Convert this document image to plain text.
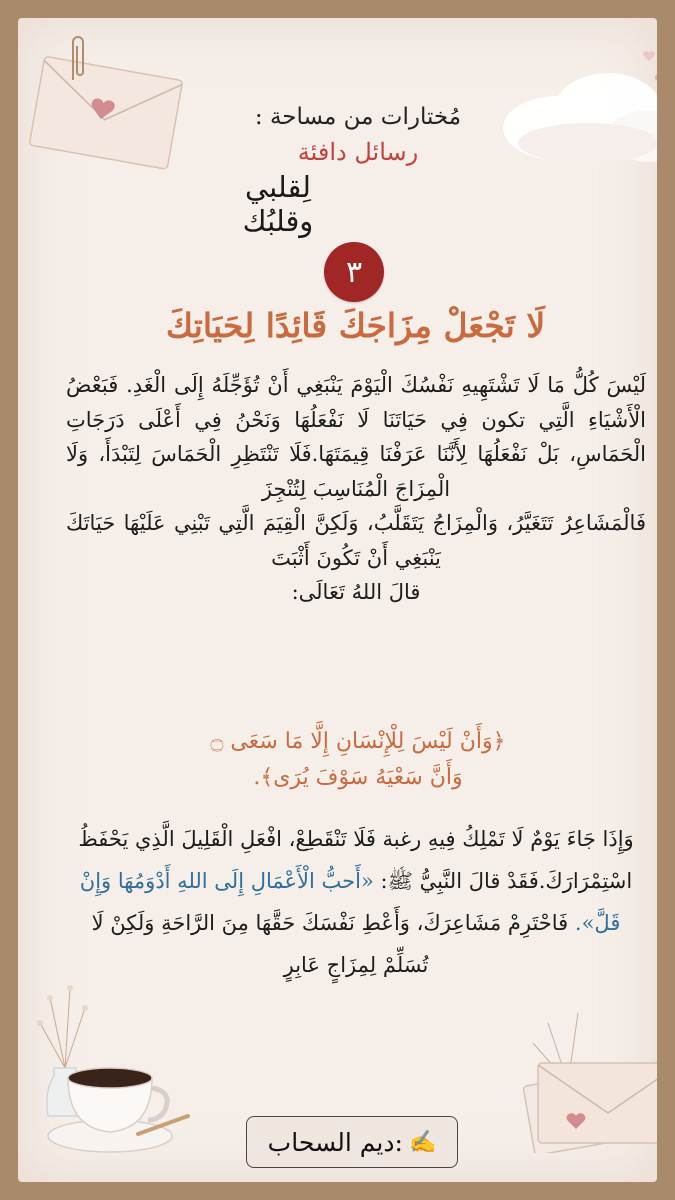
مُختارات من مساحة :
رسائل دافئة
لِقلبي وقلبُك
٣
لَا تَجْعَلْ مِزَاجَكَ قَائِدًا لِحَيَاتِكَ

لَيْسَ كُلُّ مَا لَا تَشْتَهِيهِ نَفْسُكَ الْيَوْمَ يَنْبَغِي أَنْ تُؤَجِّلَهُ إِلَى الْغَدِ. فَبَعْضُ الْأَشْيَاءِ الَّتِي تكون فِي حَيَاتَنَا لَا نَفْعَلُهَا وَنَحْنُ فِي أَعْلَى دَرَجَاتِ الْحَمَاسِ، بَلْ نَفْعَلُهَا لِأَنَّنَا عَرَفْنَا قِيمَتَهَا.فَلَا تَنْتَظِرِ الْحَمَاسَ لِتَبْدَأَ، وَلَا الْمِزَاجَ الْمُنَاسِبَ لِتُنْجِزَ

فَالْمَشَاعِرُ تَتَغَيَّرُ، وَالْمِزَاجُ يَتَقَلَّبُ، وَلَكِنَّ الْقِيَمَ الَّتِي تَبْنِي عَلَيْهَا حَيَاتَكَ يَنْبَغِي أَنْ تَكُونَ أَثْبَتَ

قالَ اللهُ تَعَالَى:

﴿وَأَنْ لَيْسَ لِلْإِنْسَانِ إِلَّا مَا سَعَى ۝
وَأَنَّ سَعْيَهُ سَوْفَ يُرَى﴾.
وَإِذَا جَاءَ يَوْمٌ لَا تَمْلِكُ فِيهِ رغبة فَلَا تَنْقَطِعْ، افْعَلِ الْقَلِيلَ الَّذِي يَحْفَظُ اسْتِمْرَارَكَ.فَقَدْ قالَ النَّبِيُّ ﷺ: «أَحبُّ الْأَعْمَالِ إِلَى اللهِ أَدْوَمُهَا وَإِنْ قَلَّ». فَاحْتَرِمْ مَشَاعِرَكَ، وَأَعْطِ نَفْسَكَ حَقَّهَا مِنَ الرَّاحَةِ وَلَكِنْ لَا تُسَلِّمْ لِمِزَاجٍ عَابِرٍ
✍
:ديم السحاب
